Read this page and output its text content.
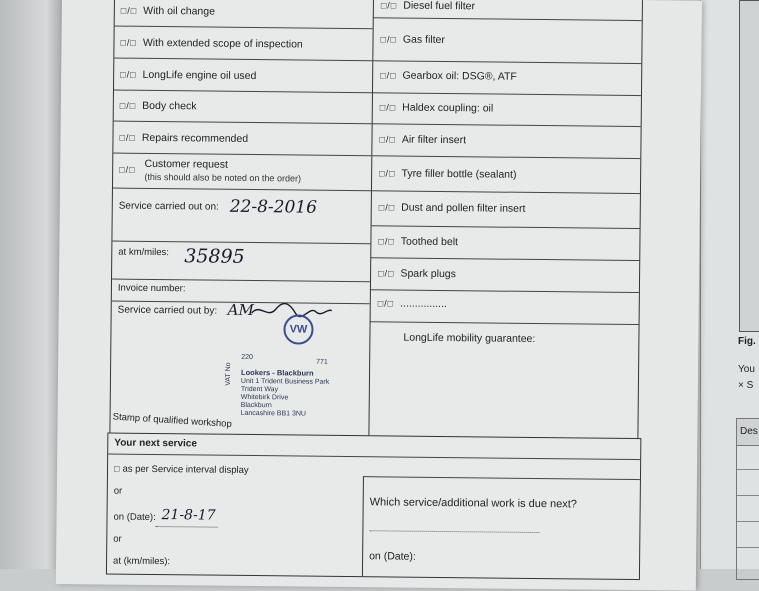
Fig.
You
× S
Des
□/□ With oil change
□/□ With extended scope of inspection
□/□ LongLife engine oil used
□/□ Body check
□/□ Repairs recommended
□/□ Customer request
(this should also be noted on the order)
Service carried out on: 22-8-2016
at km/miles: 35895
Invoice number:
Service carried out by: AM
VW
220
771
Lookers - Blackburn
Unit 1 Trident Business Park
Trident Way
Whitebirk Drive
Blackburn
Lancashire BB1 3NU
VAT No
Stamp of qualified workshop
□/□ Diesel fuel filter
□/□ Gas filter
□/□ Gearbox oil: DSG®, ATF
□/□ Haldex coupling: oil
□/□ Air filter insert
□/□ Tyre filler bottle (sealant)
□/□ Dust and pollen filter insert
□/□ Toothed belt
□/□ Spark plugs
□/□ ................
LongLife mobility guarantee:
Your next service
□ as per Service interval display
or
on (Date): 21-8-17
or
at (km/miles):
Which service/additional work is due next?
on (Date):
